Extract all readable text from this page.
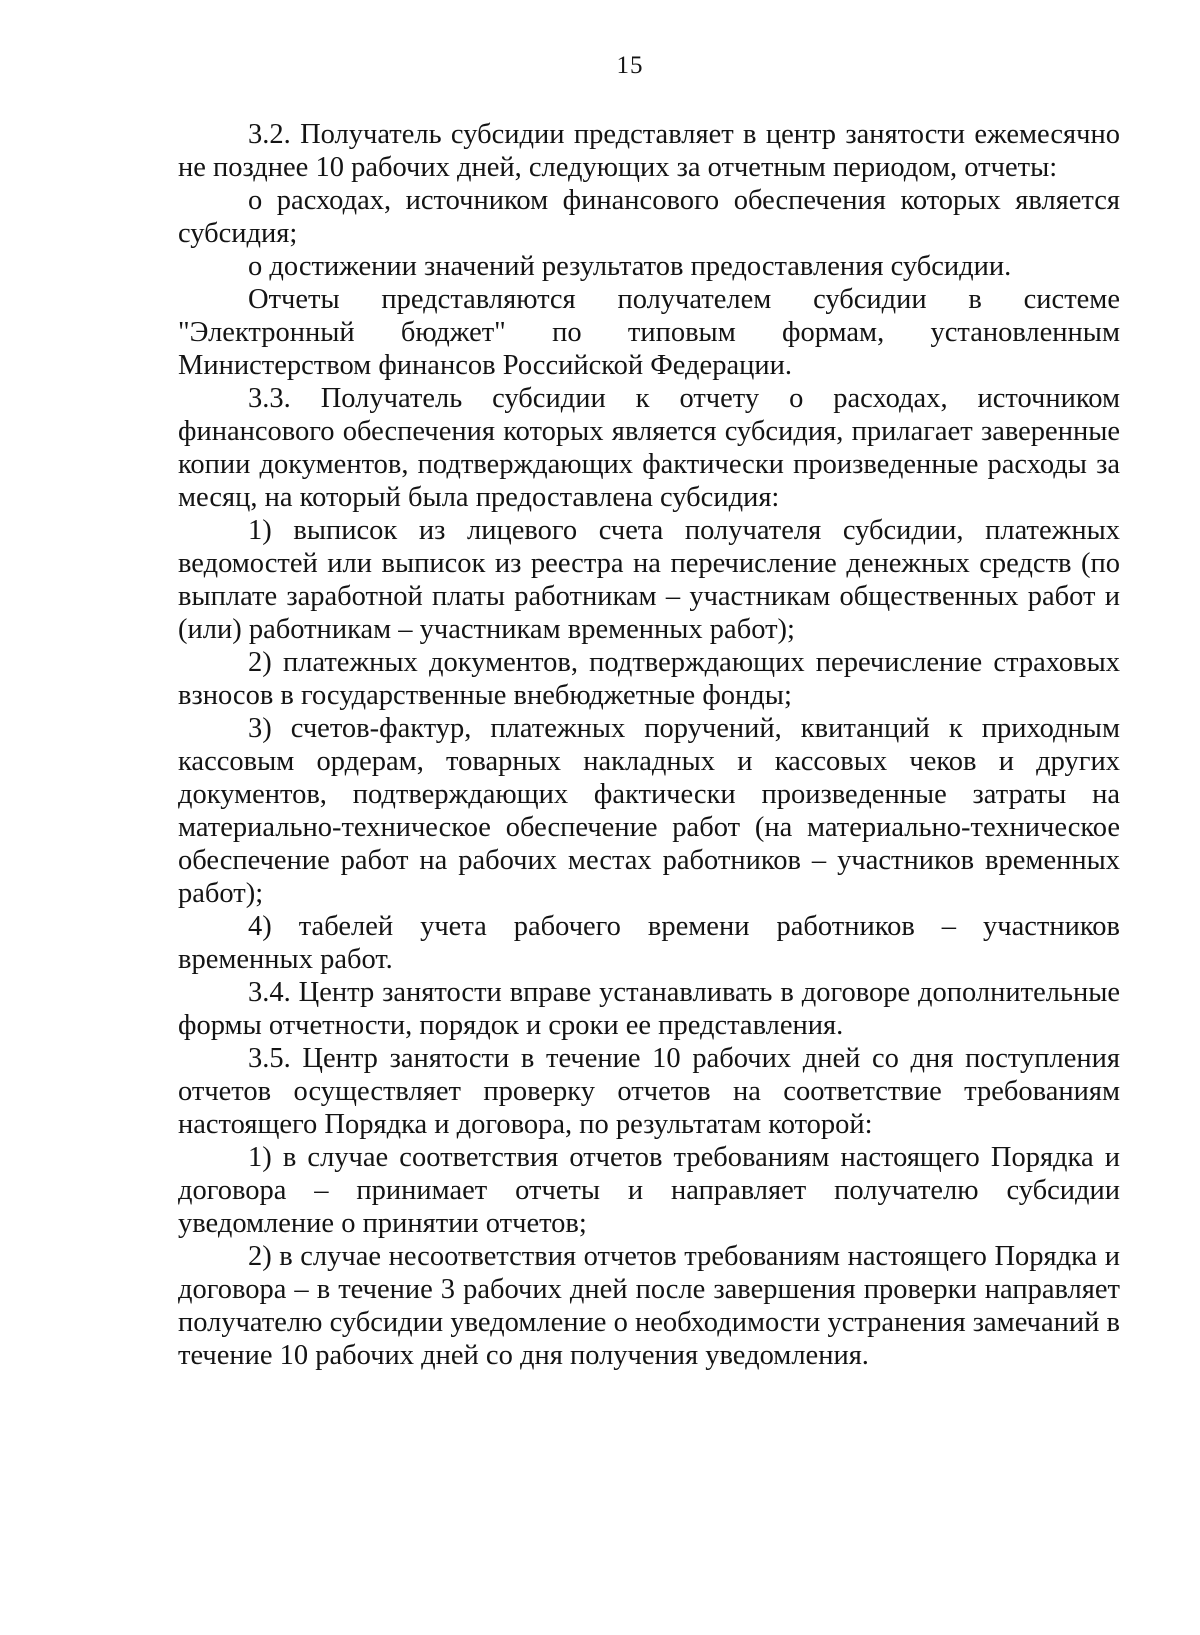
15

3.2. Получатель субсидии представляет в центр занятости ежемесячно не позднее 10 рабочих дней, следующих за отчетным периодом, отчеты:

о расходах, источником финансового обеспечения которых является субсидия;

о достижении значений результатов предоставления субсидии.

Отчеты представляются получателем субсидии в системе "Электронный бюджет" по типовым формам, установленным Министерством финансов Российской Федерации.

3.3. Получатель субсидии к отчету о расходах, источником финансового обеспечения которых является субсидия, прилагает заверенные копии документов, подтверждающих фактически произведенные расходы за месяц, на который была предоставлена субсидия:

1) выписок из лицевого счета получателя субсидии, платежных ведомостей или выписок из реестра на перечисление денежных средств (по выплате заработной платы работникам – участникам общественных работ и (или) работникам – участникам временных работ);

2) платежных документов, подтверждающих перечисление страховых взносов в государственные внебюджетные фонды;

3) счетов-фактур, платежных поручений, квитанций к приходным кассовым ордерам, товарных накладных и кассовых чеков и других документов, подтверждающих фактически произведенные затраты на материально-техническое обеспечение работ (на материально-техническое обеспечение работ на рабочих местах работников – участников временных работ);

4) табелей учета рабочего времени работников – участников временных работ.

3.4. Центр занятости вправе устанавливать в договоре дополнительные формы отчетности, порядок и сроки ее представления.

3.5. Центр занятости в течение 10 рабочих дней со дня поступления отчетов осуществляет проверку отчетов на соответствие требованиям настоящего Порядка и договора, по результатам которой:

1) в случае соответствия отчетов требованиям настоящего Порядка и договора – принимает отчеты и направляет получателю субсидии уведомление о принятии отчетов;

2) в случае несоответствия отчетов требованиям настоящего Порядка и договора – в течение 3 рабочих дней после завершения проверки направляет получателю субсидии уведомление о необходимости устранения замечаний в течение 10 рабочих дней со дня получения уведомления.
